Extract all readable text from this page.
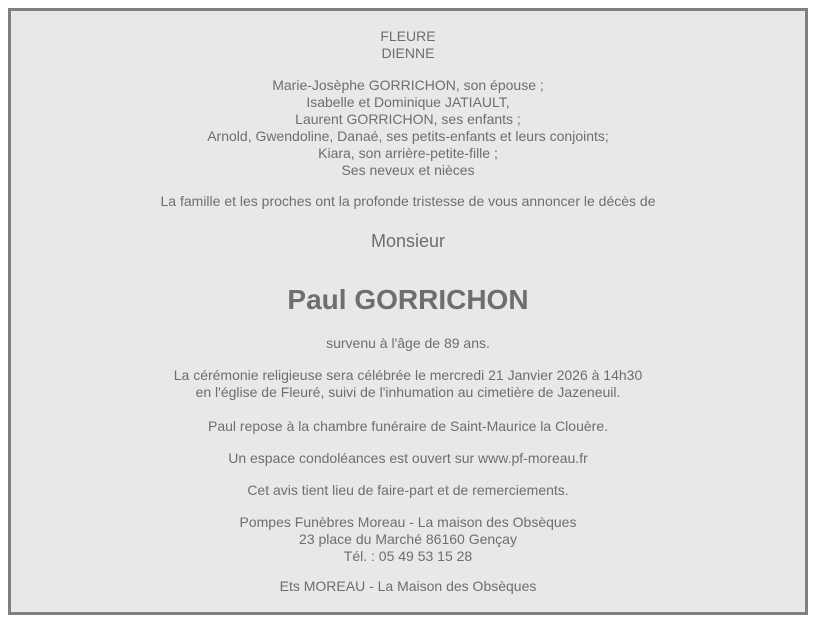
FLEURE
DIENNE
Marie-Josèphe GORRICHON, son épouse ;
Isabelle et Dominique JATIAULT,
Laurent GORRICHON, ses enfants ;
Arnold, Gwendoline, Danaé, ses petits-enfants et leurs conjoints;
Kiara, son arrière-petite-fille ;
Ses neveux et nièces
La famille et les proches ont la profonde tristesse de vous annoncer le décès de
Monsieur
Paul GORRICHON
survenu à l'âge de 89 ans.
La cérémonie religieuse sera célébrée le mercredi 21 Janvier 2026 à 14h30
en l'église de Fleuré, suivi de l'inhumation au cimetière de Jazeneuil.
Paul repose à la chambre funéraire de Saint-Maurice la Clouère.
Un espace condoléances est ouvert sur www.pf-moreau.fr
Cet avis tient lieu de faire-part et de remerciements.
Pompes Funèbres Moreau - La maison des Obsèques
23 place du Marché 86160 Gençay
Tél. : 05 49 53 15 28
Ets MOREAU - La Maison des Obsèques
